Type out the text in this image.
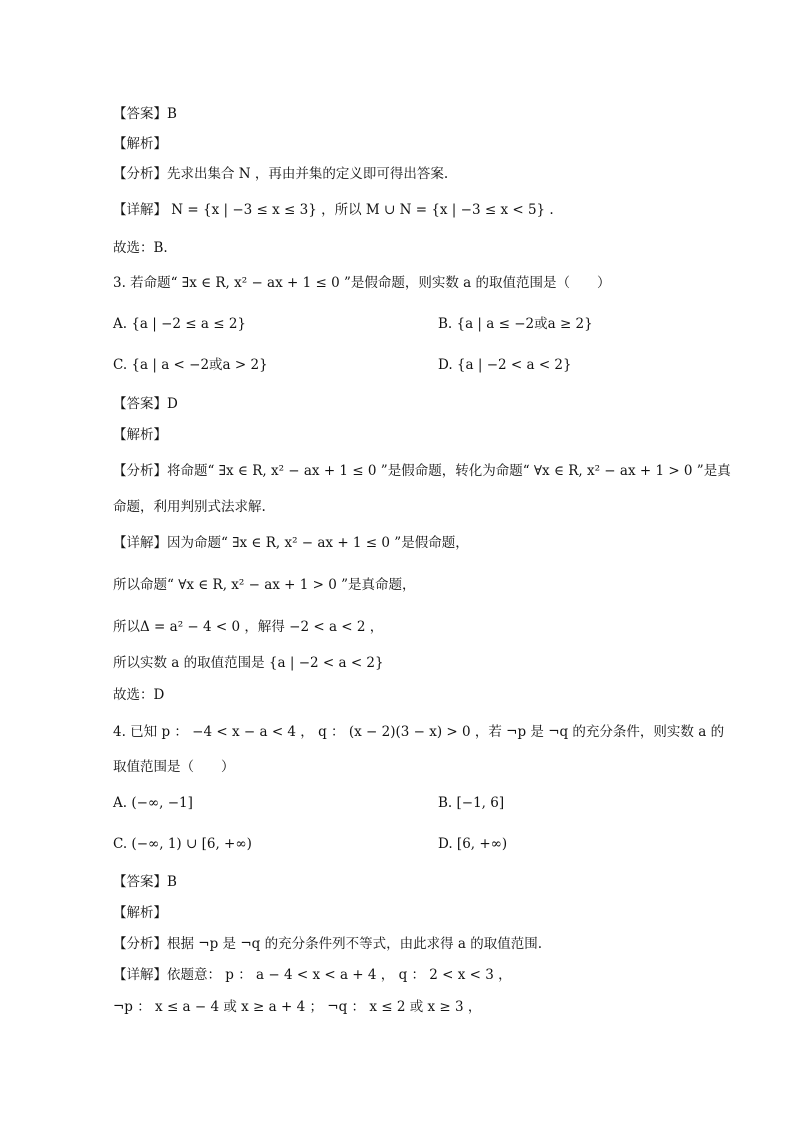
【答案】B
【解析】
【分析】先求出集合 N ，再由并集的定义即可得出答案.
【详解】 N = {x | −3 ≤ x ≤ 3} ，所以 M ∪ N = {x | −3 ≤ x < 5} .
故选：B.
3. 若命题“ ∃x ∈ R, x² − ax + 1 ≤ 0 ”是假命题，则实数 a 的取值范围是（　　）
A. {a | −2 ≤ a ≤ 2}	B. {a | a ≤ −2或a ≥ 2}
C. {a | a < −2或a > 2}	D. {a | −2 < a < 2}
【答案】D
【解析】
【分析】将命题“ ∃x ∈ R, x² − ax + 1 ≤ 0 ”是假命题，转化为命题“ ∀x ∈ R, x² − ax + 1 > 0 ”是真
命题，利用判别式法求解.
【详解】因为命题“ ∃x ∈ R, x² − ax + 1 ≤ 0 ”是假命题，
所以命题“ ∀x ∈ R, x² − ax + 1 > 0 ”是真命题，
所以Δ = a² − 4 < 0 ，解得 −2 < a < 2 ，
所以实数 a 的取值范围是 {a | −2 < a < 2}
故选：D
4. 已知 p ： −4 < x − a < 4 ， q ： (x − 2)(3 − x) > 0 ，若 ¬p 是 ¬q 的充分条件，则实数 a 的
取值范围是（　　）
A. (−∞, −1]	B. [−1, 6]
C. (−∞, 1) ∪ [6, +∞)	D. [6, +∞)
【答案】B
【解析】
【分析】根据 ¬p 是 ¬q 的充分条件列不等式，由此求得 a 的取值范围.
【详解】依题意： p ： a − 4 < x < a + 4 ， q ： 2 < x < 3 ，
¬p ： x ≤ a − 4 或 x ≥ a + 4 ； ¬q ： x ≤ 2 或 x ≥ 3 ，
